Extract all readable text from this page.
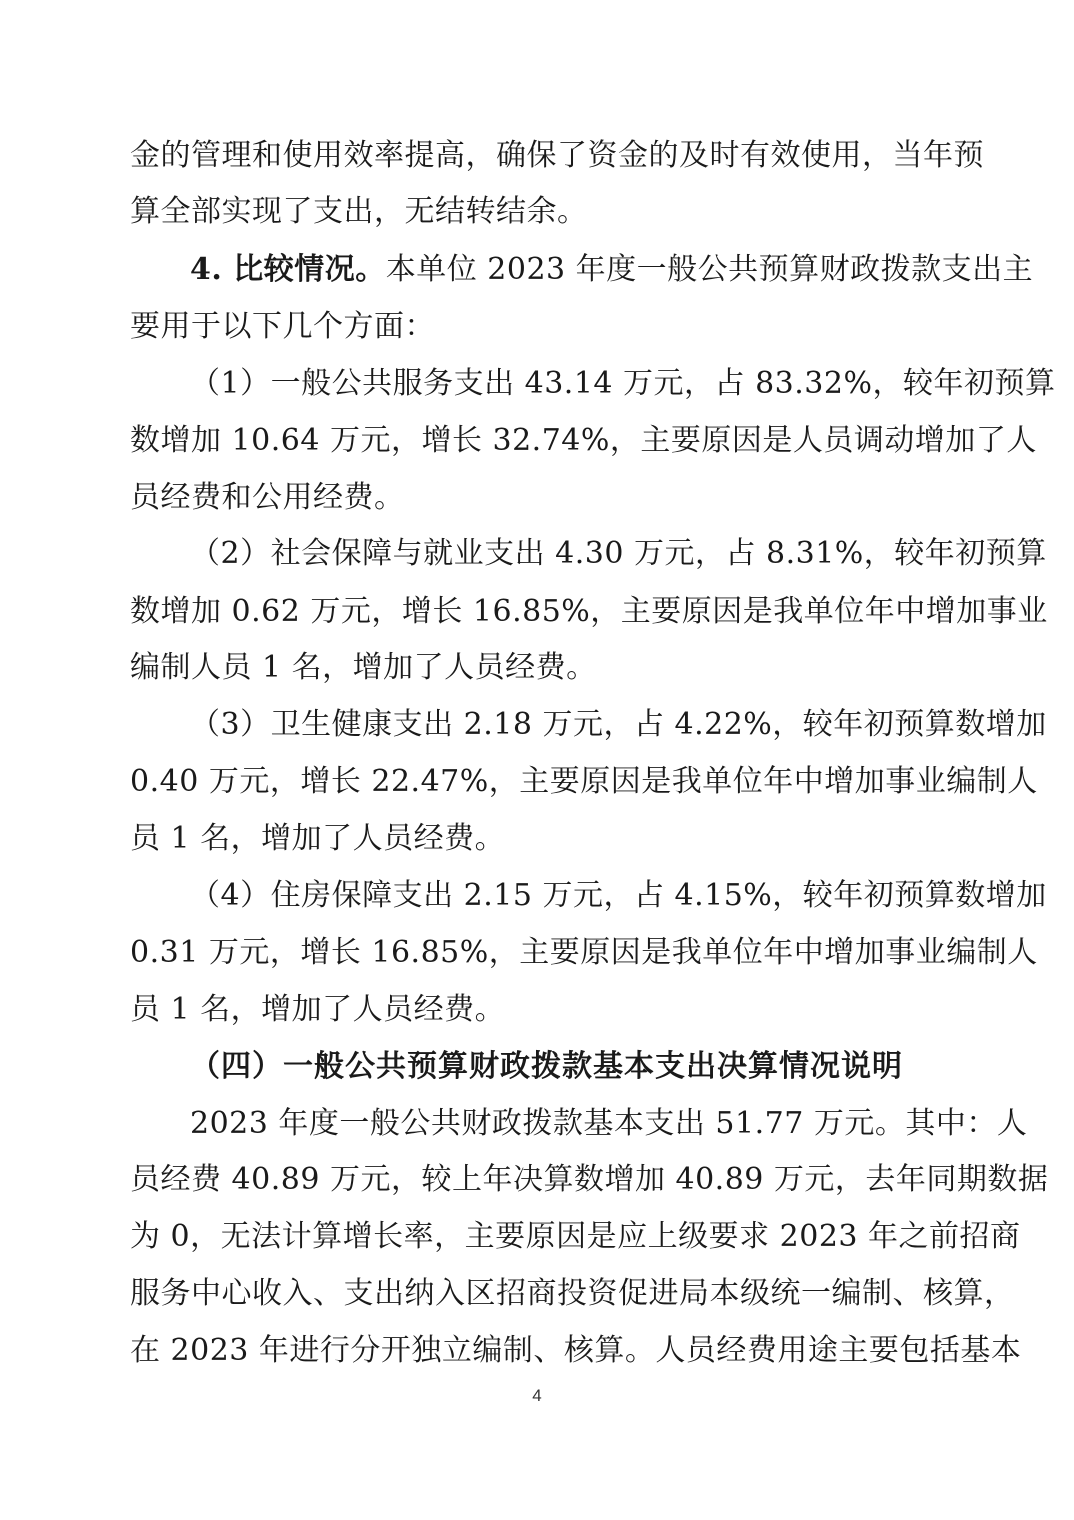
金的管理和使用效率提高，确保了资金的及时有效使用，当年预
算全部实现了支出，无结转结余。
4. 比较情况。本单位 2023 年度一般公共预算财政拨款支出主
要用于以下几个方面：
（1）一般公共服务支出 43.14 万元，占 83.32%，较年初预算
数增加 10.64 万元，增长 32.74%，主要原因是人员调动增加了人
员经费和公用经费。
（2）社会保障与就业支出 4.30 万元，占 8.31%，较年初预算
数增加 0.62 万元，增长 16.85%，主要原因是我单位年中增加事业
编制人员 1 名，增加了人员经费。
（3）卫生健康支出 2.18 万元，占 4.22%，较年初预算数增加
0.40 万元，增长 22.47%，主要原因是我单位年中增加事业编制人
员 1 名，增加了人员经费。
（4）住房保障支出 2.15 万元，占 4.15%，较年初预算数增加
0.31 万元，增长 16.85%，主要原因是我单位年中增加事业编制人
员 1 名，增加了人员经费。
（四）一般公共预算财政拨款基本支出决算情况说明
2023 年度一般公共财政拨款基本支出 51.77 万元。其中：人
员经费 40.89 万元，较上年决算数增加 40.89 万元，去年同期数据
为 0，无法计算增长率，主要原因是应上级要求 2023 年之前招商
服务中心收入、支出纳入区招商投资促进局本级统一编制、核算，
在 2023 年进行分开独立编制、核算。人员经费用途主要包括基本
4
